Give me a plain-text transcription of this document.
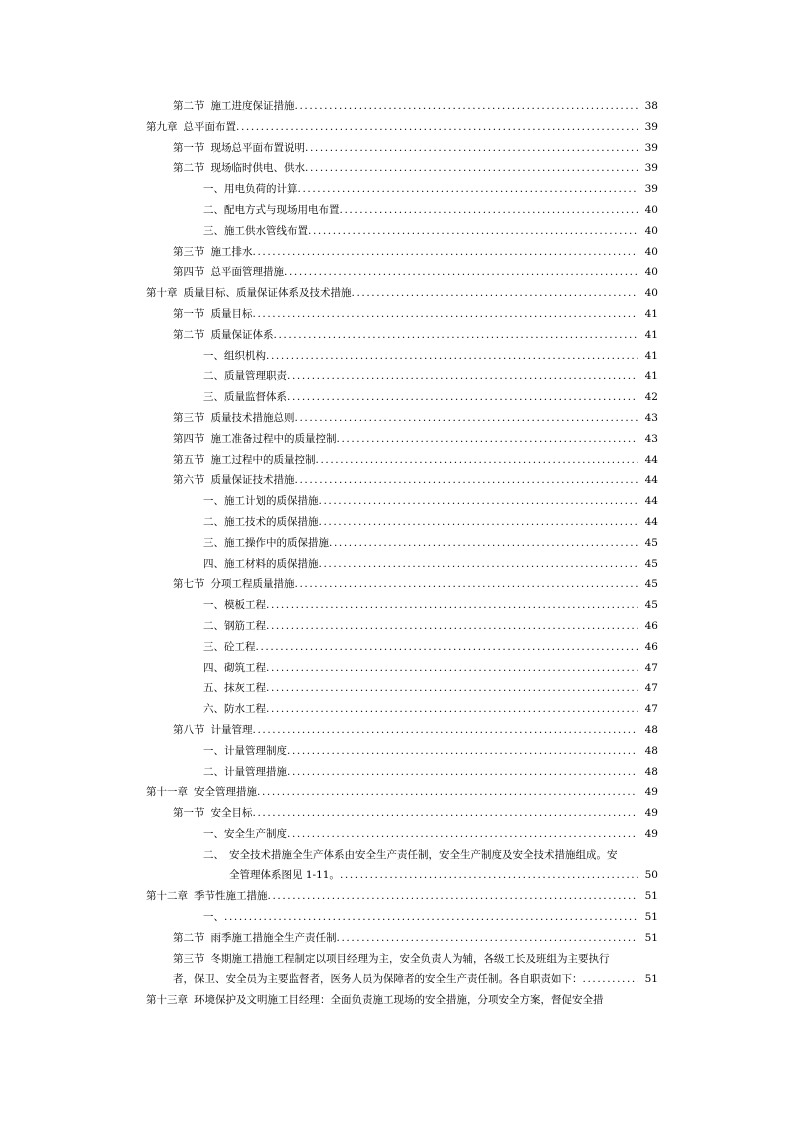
第二节 施工进度保证措施 .....	38
第九章 总平面布置 .....	39
第一节 现场总平面布置说明 .....	39
第二节 现场临时供电、供水 .....	39
一、 用电负荷的计算 .....	39
二、 配电方式与现场用电布置 .....	40
三、 施工供水管线布置 .....	40
第三节 施工排水 .....	40
第四节 总平面管理措施 .....	40
第十章 质量目标、质量保证体系及技术措施 .....	40
第一节 质量目标 .....	41
第二节 质量保证体系 .....	41
一、 组织机构 .....	41
二、 质量管理职责 .....	41
三、 质量监督体系 .....	42
第三节 质量技术措施总则 .....	43
第四节 施工准备过程中的质量控制 .....	43
第五节 施工过程中的质量控制 .....	44
第六节 质量保证技术措施 .....	44
一、 施工计划的质保措施 .....	44
二、 施工技术的质保措施 .....	44
三、 施工操作中的质保措施 .....	45
四、 施工材料的质保措施 .....	45
第七节 分项工程质量措施 .....	45
一、 模板工程 .....	45
二、 钢筋工程 .....	46
三、 砼工程 .....	46
四、 砌筑工程 .....	47
五、 抹灰工程 .....	47
六、 防水工程 .....	47
第八节 计量管理 .....	48
一、 计量管理制度 .....	48
二、 计量管理措施 .....	48
第十一章 安全管理措施 .....	49
第一节 安全目标 .....	49
一、 安全生产制度 .....	49
二、 安全技术措施全生产体系由安全生产责任制，安全生产制度及安全技术措施组成。安
全管理体系图见 1-11。 .....	50
第十二章 季节性施工措施 .....	51
一、 .....	51
第二节 雨季施工措施全生产责任制 .....	51
第三节 冬期施工措施工程制定以项目经理为主，安全负责人为辅，各级工长及班组为主要执行
者，保卫、安全员为主要监督者，医务人员为保障者的安全生产责任制。各自职责如下： .....	51
第十三章 环境保护及文明施工目经理：全面负责施工现场的安全措施，分项安全方案，督促安全措
